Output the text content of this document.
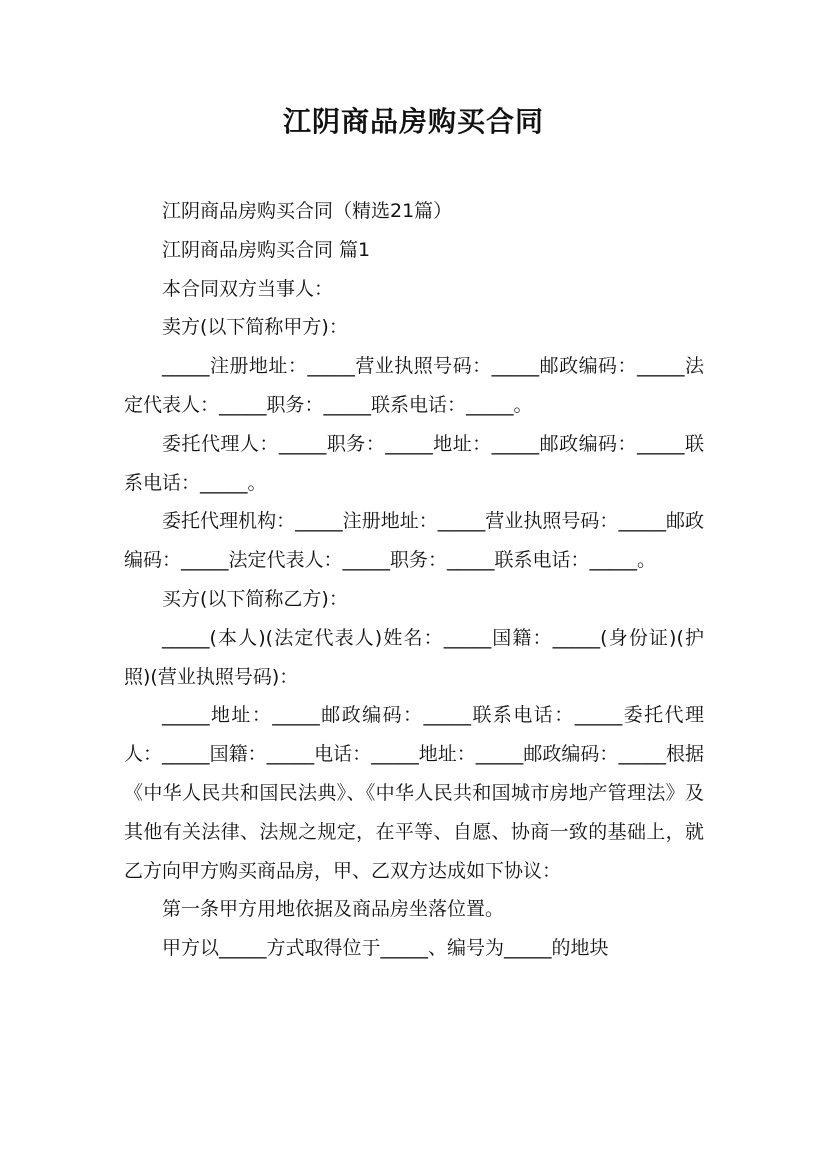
江阴商品房购买合同

江阴商品房购买合同（精选21篇）

江阴商品房购买合同 篇1

本合同双方当事人：

卖方(以下简称甲方)：

_____注册地址：_____营业执照号码：_____邮政编码：_____法定代表人：_____职务：_____联系电话：_____。

委托代理人：_____职务：_____地址：_____邮政编码：_____联系电话：_____。

委托代理机构：_____注册地址：_____营业执照号码：_____邮政编码：_____法定代表人：_____职务：_____联系电话：_____。

买方(以下简称乙方)：

_____(本人)(法定代表人)姓名：_____国籍：_____(身份证)(护照)(营业执照号码)：

_____地址：_____邮政编码：_____联系电话：_____委托代理人：_____国籍：_____电话：_____地址：_____邮政编码：_____根据《中华人民共和国民法典》、《中华人民共和国城市房地产管理法》及其他有关法律、法规之规定，在平等、自愿、协商一致的基础上，就乙方向甲方购买商品房，甲、乙双方达成如下协议：

第一条甲方用地依据及商品房坐落位置。

甲方以_____方式取得位于_____、编号为_____的地块
